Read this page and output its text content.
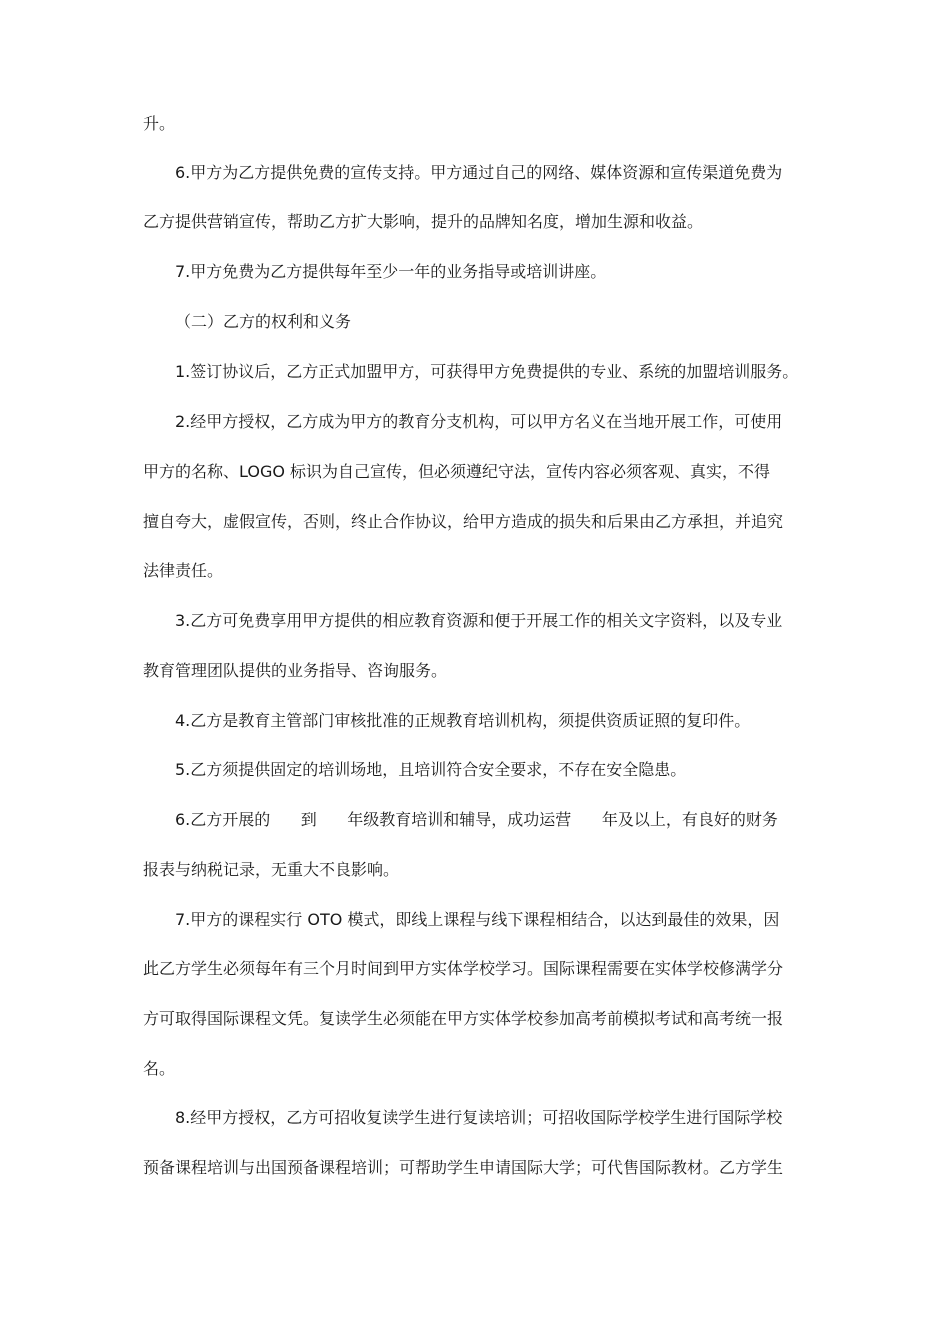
升。
6.甲方为乙方提供免费的宣传支持。甲方通过自己的网络、媒体资源和宣传渠道免费为
乙方提供营销宣传，帮助乙方扩大影响，提升的品牌知名度，增加生源和收益。
7.甲方免费为乙方提供每年至少一年的业务指导或培训讲座。
（二）乙方的权利和义务
1.签订协议后，乙方正式加盟甲方，可获得甲方免费提供的专业、系统的加盟培训服务。
2.经甲方授权，乙方成为甲方的教育分支机构，可以甲方名义在当地开展工作，可使用
甲方的名称、LOGO 标识为自己宣传，但必须遵纪守法，宣传内容必须客观、真实，不得
擅自夸大，虚假宣传，否则，终止合作协议，给甲方造成的损失和后果由乙方承担，并追究
法律责任。
3.乙方可免费享用甲方提供的相应教育资源和便于开展工作的相关文字资料，以及专业
教育管理团队提供的业务指导、咨询服务。
4.乙方是教育主管部门审核批准的正规教育培训机构，须提供资质证照的复印件。
5.乙方须提供固定的培训场地，且培训符合安全要求，不存在安全隐患。
6.乙方开展的      到      年级教育培训和辅导，成功运营      年及以上，有良好的财务
报表与纳税记录，无重大不良影响。
7.甲方的课程实行 OTO 模式，即线上课程与线下课程相结合，以达到最佳的效果，因
此乙方学生必须每年有三个月时间到甲方实体学校学习。国际课程需要在实体学校修满学分
方可取得国际课程文凭。复读学生必须能在甲方实体学校参加高考前模拟考试和高考统一报
名。
8.经甲方授权，乙方可招收复读学生进行复读培训；可招收国际学校学生进行国际学校
预备课程培训与出国预备课程培训；可帮助学生申请国际大学；可代售国际教材。乙方学生
